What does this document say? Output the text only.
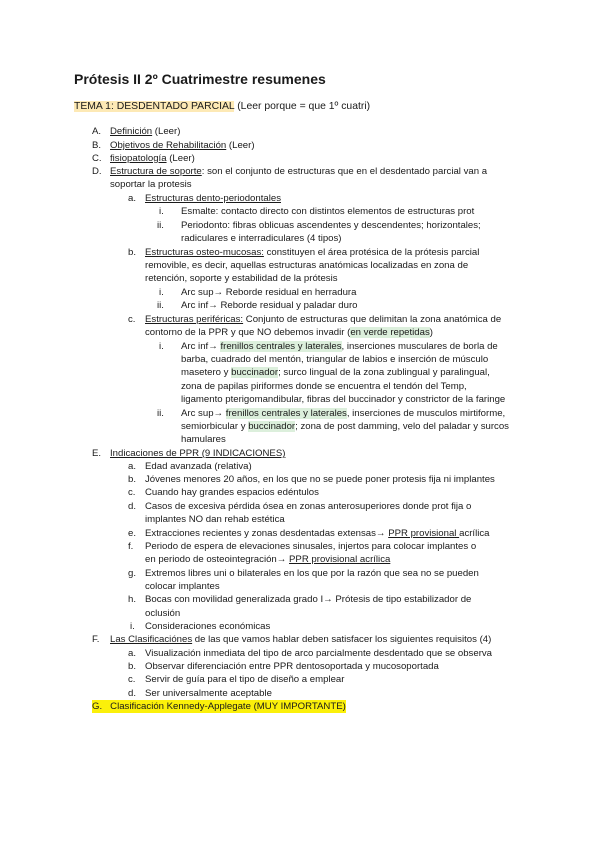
Prótesis II 2º Cuatrimestre resumenes
TEMA 1: DESDENTADO PARCIAL (Leer porque = que 1º cuatri)
A. Definición (Leer)
B. Objetivos de Rehabilitación (Leer)
C. fisiopatología (Leer)
D. Estructura de soporte: son el conjunto de estructuras que en el desdentado parcial van a
soportar la protesis
a. Estructuras dento-periodontales
i. Esmalte: contacto directo con distintos elementos de estructuras prot
ii. Periodonto: fibras oblicuas ascendentes y descendentes; horizontales;
radiculares e interradiculares (4 tipos)
b. Estructuras osteo-mucosas: constituyen el área protésica de la prótesis parcial
removible, es decir, aquellas estructuras anatómicas localizadas en zona de
retención, soporte y estabilidad de la prótesis
i. Arc sup→ Reborde residual en herradura
ii. Arc inf→ Reborde residual y paladar duro
c. Estructuras periféricas: Conjunto de estructuras que delimitan la zona anatómica de
contorno de la PPR y que NO debemos invadir (en verde repetidas)
i. Arc inf→ frenillos centrales y laterales, inserciones musculares de borla de
barba, cuadrado del mentón, triangular de labios e inserción de músculo
masetero y buccinador; surco lingual de la zona zublingual y paralingual,
zona de papilas piriformes donde se encuentra el tendón del Temp,
ligamento pterigomandibular, fibras del buccinador y constrictor de la faringe
ii. Arc sup→ frenillos centrales y laterales, inserciones de musculos mirtiforme,
semiorbicular y buccinador; zona de post damming, velo del paladar y surcos
hamulares
E. Indicaciones de PPR (9 INDICACIONES)
a. Edad avanzada (relativa)
b. Jóvenes menores 20 años, en los que no se puede poner protesis fija ni implantes
c. Cuando hay grandes espacios edéntulos
d. Casos de excesiva pérdida ósea en zonas anterosuperiores donde prot fija o
implantes NO dan rehab estética
e. Extracciones recientes y zonas desdentadas extensas→ PPR provisional acrílica
f. Periodo de espera de elevaciones sinusales, injertos para colocar implantes o
en periodo de osteointegración→ PPR provisional acrílica
g. Extremos libres uni o bilaterales en los que por la razón que sea no se pueden
colocar implantes
h. Bocas con movilidad generalizada grado I→ Prótesis de tipo estabilizador de
oclusión
i. Consideraciones económicas
F. Las Clasificaciónes de las que vamos hablar deben satisfacer los siguientes requisitos (4)
a. Visualización inmediata del tipo de arco parcialmente desdentado que se observa
b. Observar diferenciación entre PPR dentosoportada y mucosoportada
c. Servir de guía para el tipo de diseño a emplear
d. Ser universalmente aceptable
G. Clasificación Kennedy-Applegate (MUY IMPORTANTE)
